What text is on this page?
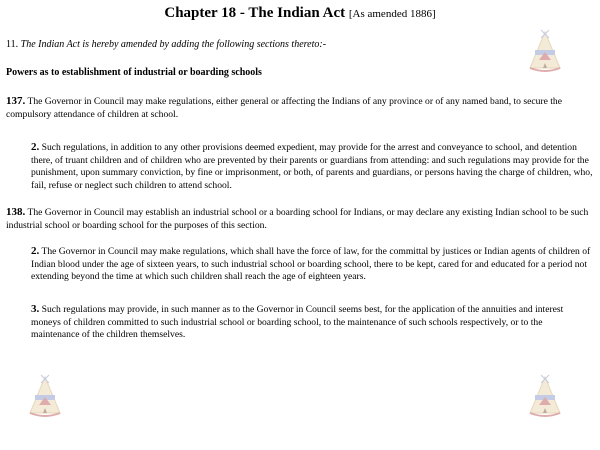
Chapter 18 - The Indian Act [As amended 1886]
11. The Indian Act is hereby amended by adding the following sections thereto:-
Powers as to establishment of industrial or boarding schools

137. The Governor in Council may make regulations, either general or affecting the Indians of any province or of any named band, to secure the compulsory attendance of children at school.

2. Such regulations, in addition to any other provisions deemed expedient, may provide for the arrest and conveyance to school, and detention there, of truant children and of children who are prevented by their parents or guardians from attending: and such regulations may provide for the punishment, upon summary conviction, by fine or imprisonment, or both, of parents and guardians, or persons having the charge of children, who, fail, refuse or neglect such children to attend school.

138. The Governor in Council may establish an industrial school or a boarding school for Indians, or may declare any existing Indian school to be such industrial school or boarding school for the purposes of this section.

2. The Governor in Council may make regulations, which shall have the force of law, for the committal by justices or Indian agents of children of Indian blood under the age of sixteen years, to such industrial school or boarding school, there to be kept, cared for and educated for a period not extending beyond the time at which such children shall reach the age of eighteen years.

3. Such regulations may provide, in such manner as to the Governor in Council seems best, for the application of the annuities and interest moneys of children committed to such industrial school or boarding school, to the maintenance of such schools respectively, or to the maintenance of the children themselves.
